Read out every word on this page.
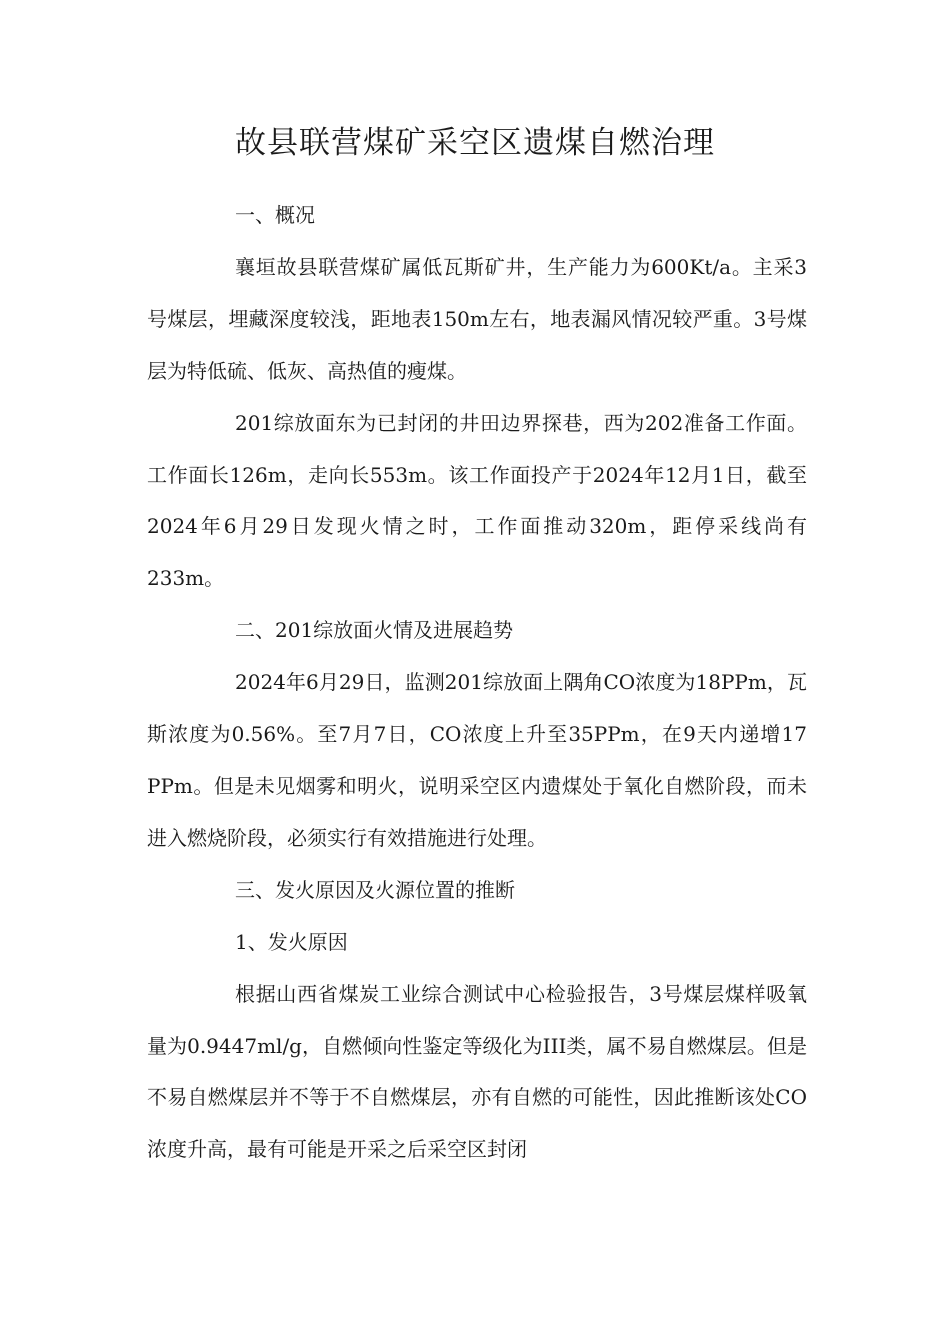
故县联营煤矿采空区遗煤自燃治理

一、概况

襄垣故县联营煤矿属低瓦斯矿井，生产能力为600Kt/a。主采3号煤层，埋藏深度较浅，距地表150m左右，地表漏风情况较严重。3号煤层为特低硫、低灰、高热值的瘦煤。

201综放面东为已封闭的井田边界探巷，西为202准备工作面。工作面长126m，走向长553m。该工作面投产于2024年12月1日，截至2024年6月29日发现火情之时，工作面推动320m，距停采线尚有233m。

二、201综放面火情及进展趋势

2024年6月29日，监测201综放面上隅角CO浓度为18PPm，瓦斯浓度为0.56%。至7月7日，CO浓度上升至35PPm，在9天内递增17 PPm。但是未见烟雾和明火，说明采空区内遗煤处于氧化自燃阶段，而未进入燃烧阶段，必须实行有效措施进行处理。

三、发火原因及火源位置的推断

1、发火原因

根据山西省煤炭工业综合测试中心检验报告，3号煤层煤样吸氧量为0.9447ml/g，自燃倾向性鉴定等级化为III类，属不易自燃煤层。但是不易自燃煤层并不等于不自燃煤层，亦有自燃的可能性，因此推断该处CO浓度升高，最有可能是开采之后采空区封闭
